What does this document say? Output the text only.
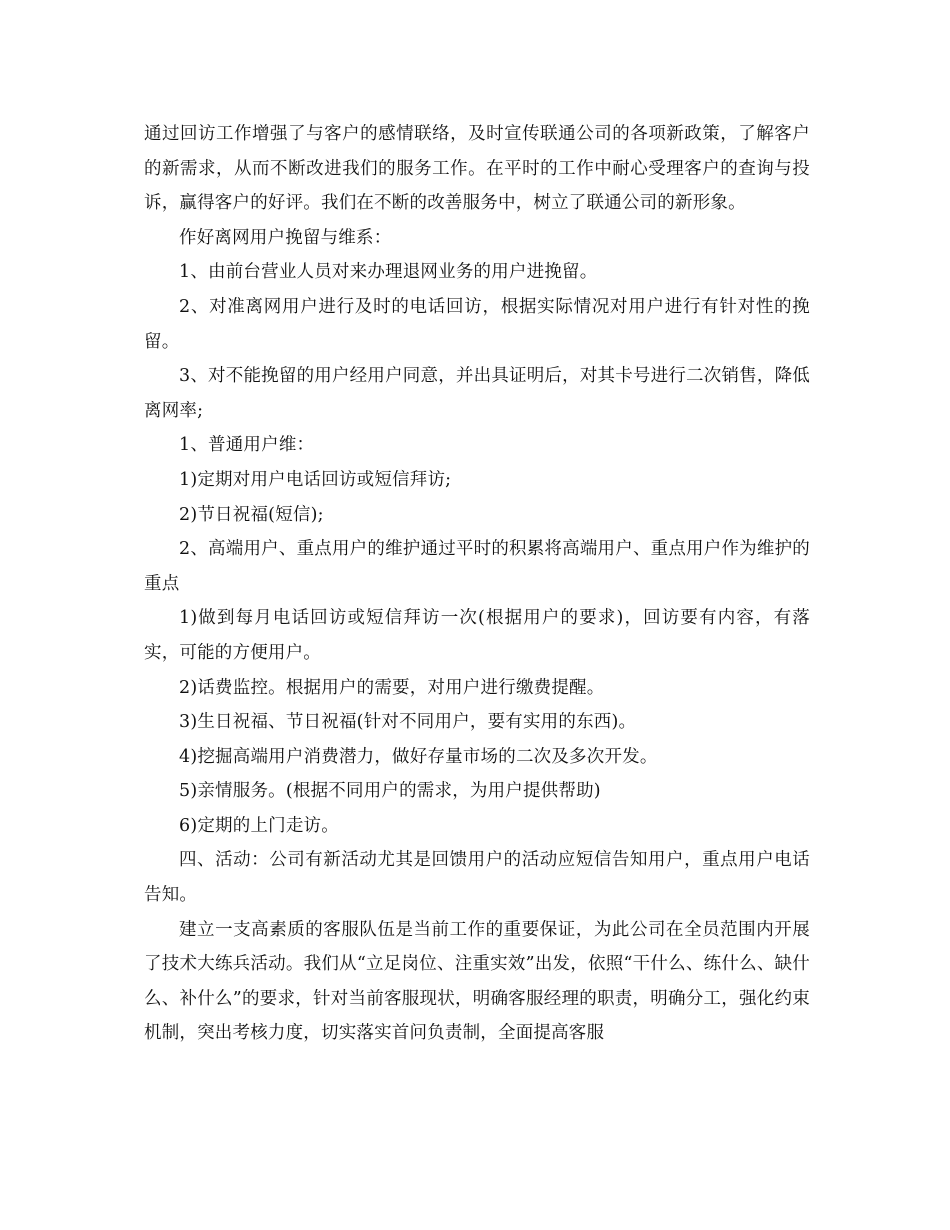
通过回访工作增强了与客户的感情联络，及时宣传联通公司的各项新政策，了解客户的新需求，从而不断改进我们的服务工作。在平时的工作中耐心受理客户的查询与投诉，赢得客户的好评。我们在不断的改善服务中，树立了联通公司的新形象。

作好离网用户挽留与维系：

1、由前台营业人员对来办理退网业务的用户进挽留。

2、对准离网用户进行及时的电话回访，根据实际情况对用户进行有针对性的挽留。

3、对不能挽留的用户经用户同意，并出具证明后，对其卡号进行二次销售，降低离网率;

1、普通用户维：

1)定期对用户电话回访或短信拜访;

2)节日祝福(短信);

2、高端用户、重点用户的维护通过平时的积累将高端用户、重点用户作为维护的重点

1)做到每月电话回访或短信拜访一次(根据用户的要求)，回访要有内容，有落实，可能的方便用户。

2)话费监控。根据用户的需要，对用户进行缴费提醒。

3)生日祝福、节日祝福(针对不同用户，要有实用的东西)。

4)挖掘高端用户消费潜力，做好存量市场的二次及多次开发。

5)亲情服务。(根据不同用户的需求，为用户提供帮助)

6)定期的上门走访。

四、活动：公司有新活动尤其是回馈用户的活动应短信告知用户，重点用户电话告知。

建立一支高素质的客服队伍是当前工作的重要保证，为此公司在全员范围内开展了技术大练兵活动。我们从“立足岗位、注重实效”出发，依照“干什么、练什么、缺什么、补什么”的要求，针对当前客服现状，明确客服经理的职责，明确分工，强化约束机制，突出考核力度，切实落实首问负责制，全面提高客服
